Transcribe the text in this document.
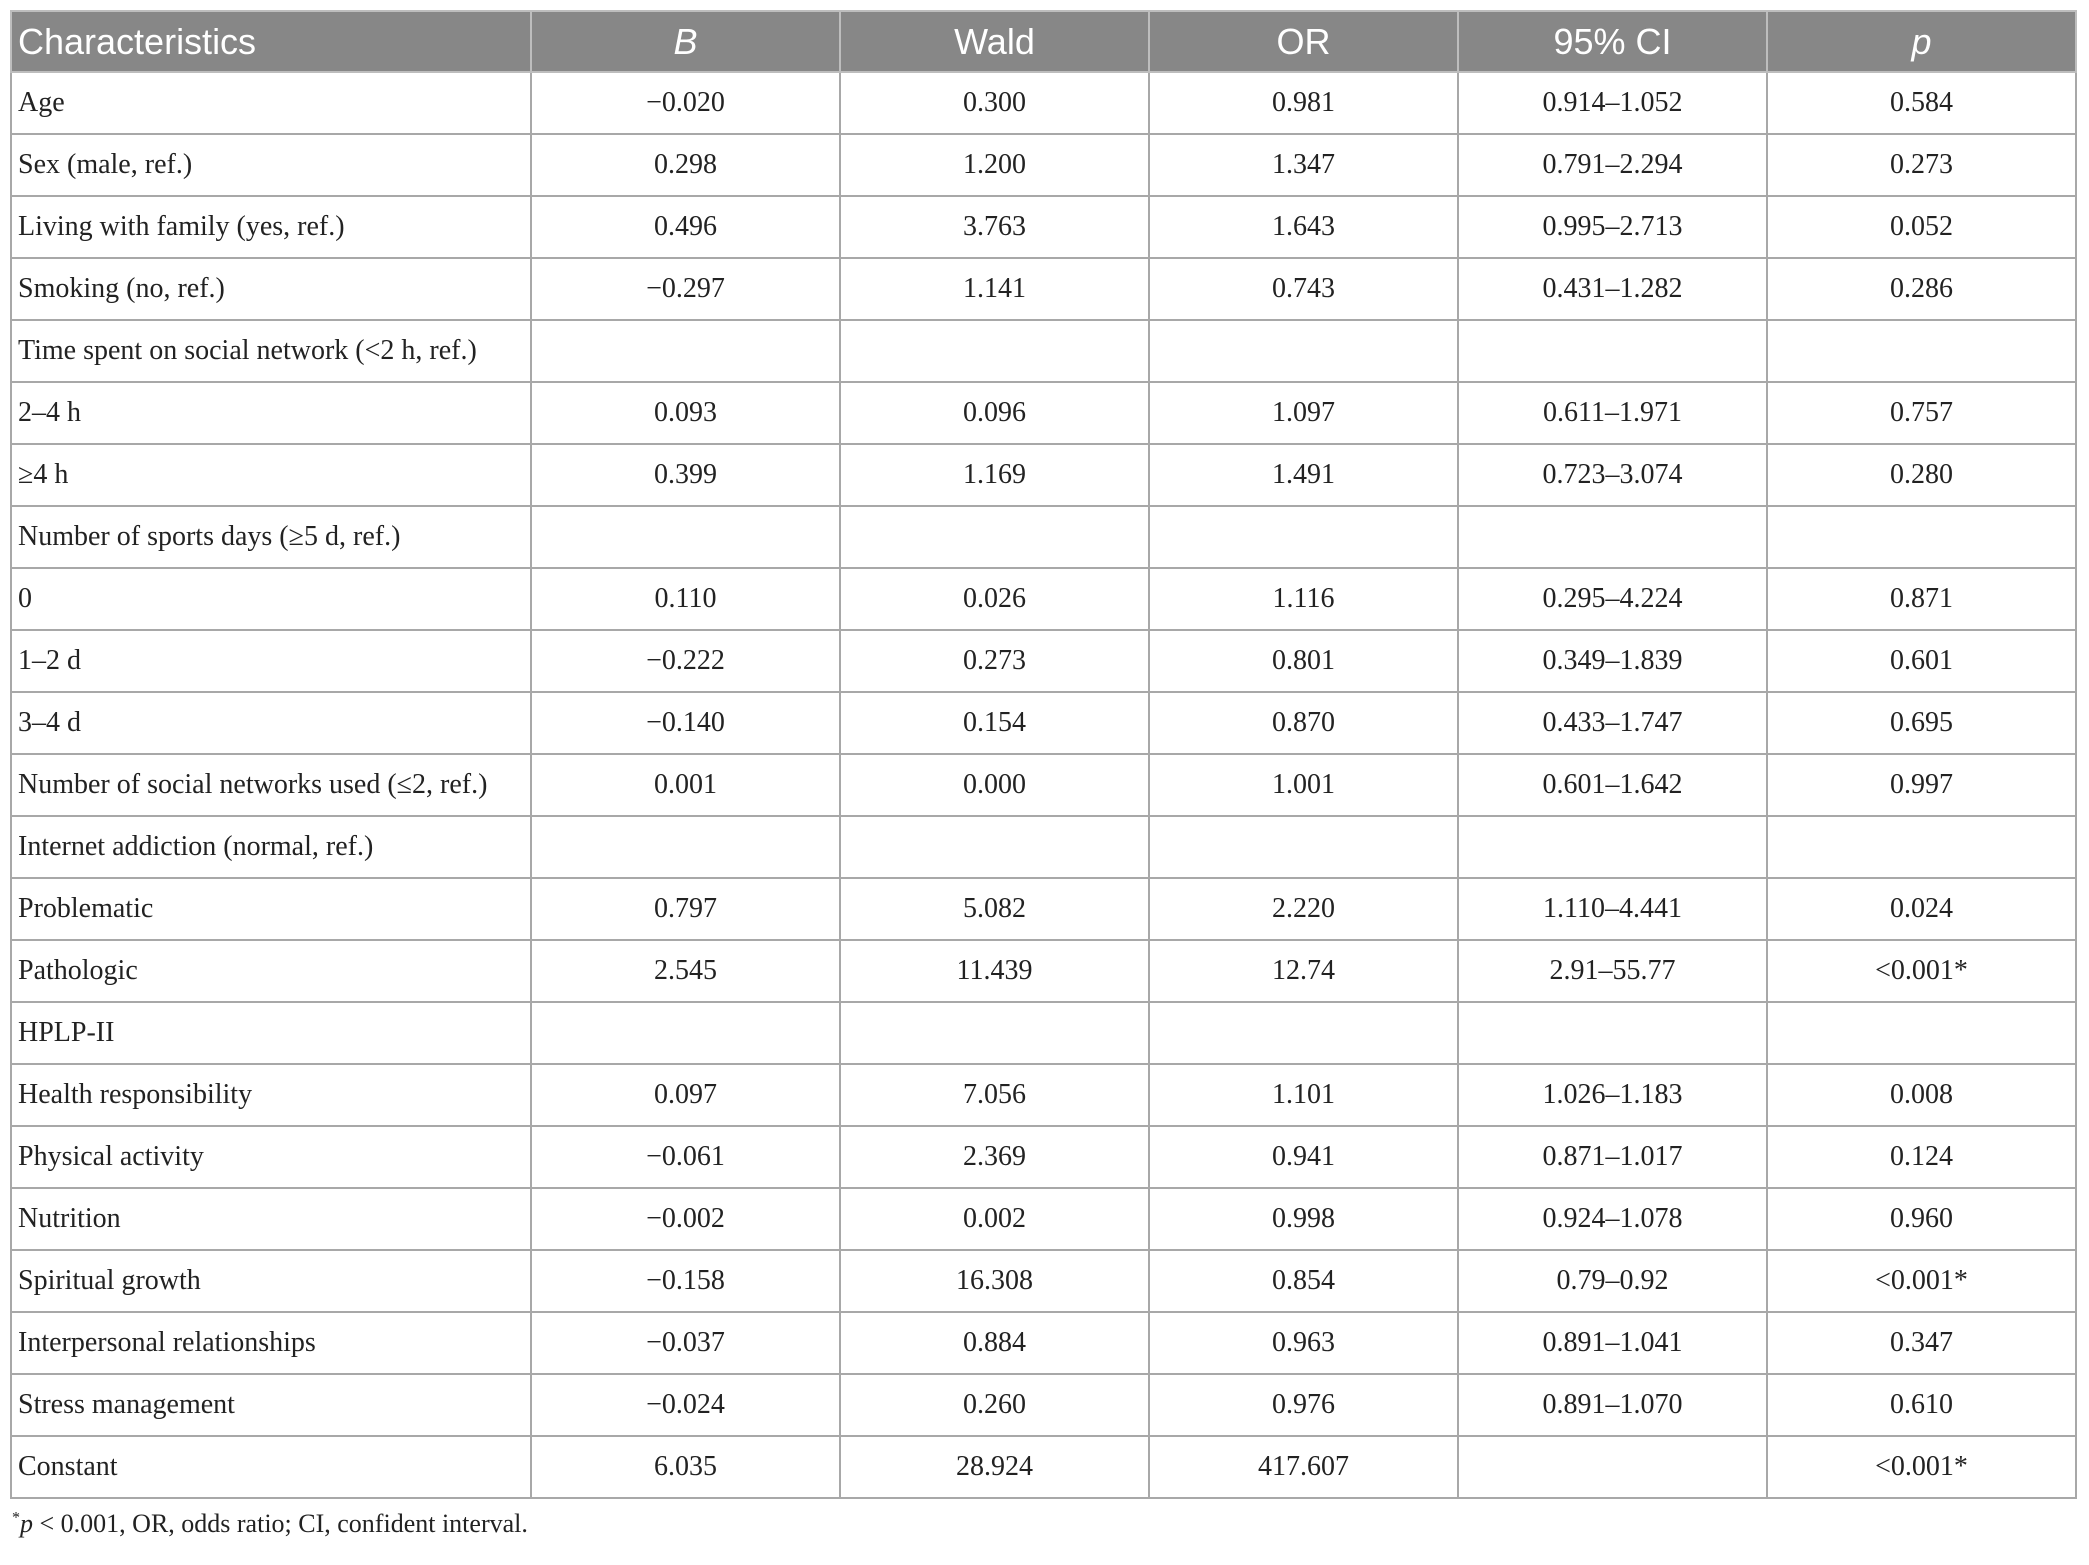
Characteristics	B	Wald	OR	95% CI	p
Age	−0.020	0.300	0.981	0.914–1.052	0.584
Sex (male, ref.)	0.298	1.200	1.347	0.791–2.294	0.273
Living with family (yes, ref.)	0.496	3.763	1.643	0.995–2.713	0.052
Smoking (no, ref.)	−0.297	1.141	0.743	0.431–1.282	0.286
Time spent on social network (<2 h, ref.)					
2–4 h	0.093	0.096	1.097	0.611–1.971	0.757
≥4 h	0.399	1.169	1.491	0.723–3.074	0.280
Number of sports days (≥5 d, ref.)					
0	0.110	0.026	1.116	0.295–4.224	0.871
1–2 d	−0.222	0.273	0.801	0.349–1.839	0.601
3–4 d	−0.140	0.154	0.870	0.433–1.747	0.695
Number of social networks used (≤2, ref.)	0.001	0.000	1.001	0.601–1.642	0.997
Internet addiction (normal, ref.)					
Problematic	0.797	5.082	2.220	1.110–4.441	0.024
Pathologic	2.545	11.439	12.74	2.91–55.77	<0.001*
HPLP-II					
Health responsibility	0.097	7.056	1.101	1.026–1.183	0.008
Physical activity	−0.061	2.369	0.941	0.871–1.017	0.124
Nutrition	−0.002	0.002	0.998	0.924–1.078	0.960
Spiritual growth	−0.158	16.308	0.854	0.79–0.92	<0.001*
Interpersonal relationships	−0.037	0.884	0.963	0.891–1.041	0.347
Stress management	−0.024	0.260	0.976	0.891–1.070	0.610
Constant	6.035	28.924	417.607		<0.001*
*p < 0.001, OR, odds ratio; CI, confident interval.
